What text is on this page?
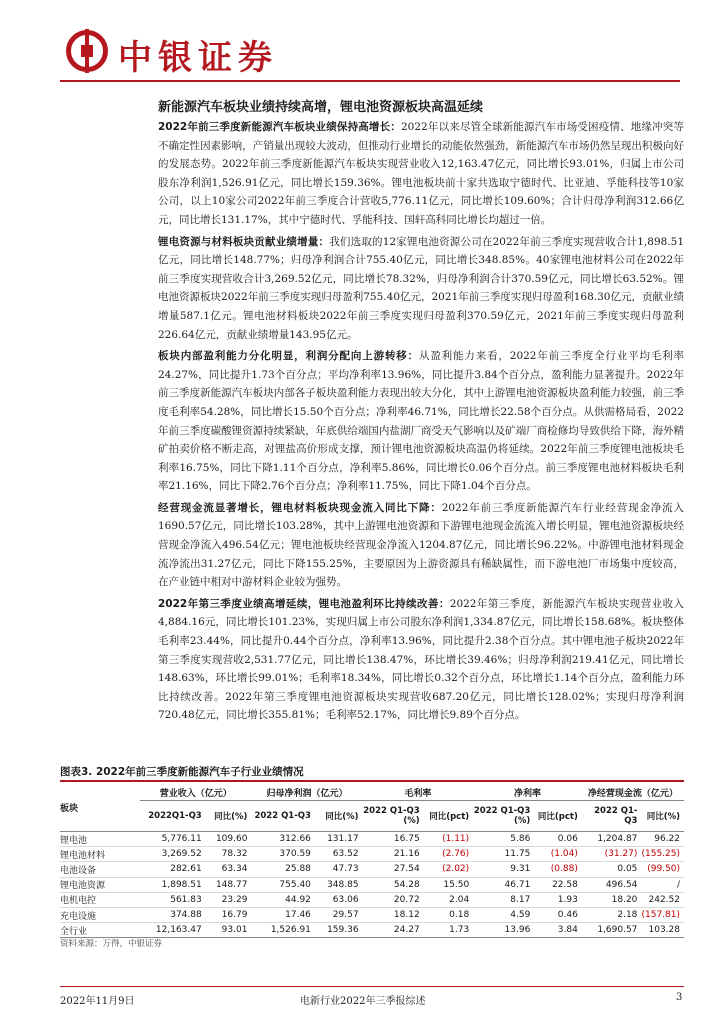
中银证券
新能源汽车板块业绩持续高增，锂电池资源板块高温延续

2022年前三季度新能源汽车板块业绩保持高增长：2022年以来尽管全球新能源汽车市场受困疫情、地缘冲突等不确定性因素影响，产销量出现较大波动，但推动行业增长的动能依然强劲，新能源汽车市场仍然呈现出积极向好的发展态势。2022年前三季度新能源汽车板块实现营业收入12,163.47亿元，同比增长93.01%，归属上市公司股东净利润1,526.91亿元，同比增长159.36%。锂电池板块前十家共选取宁德时代、比亚迪、孚能科技等10家公司，以上10家公司2022年前三季度合计营收5,776.11亿元，同比增长109.60%；合计归母净利润312.66亿元，同比增长131.17%，其中宁德时代、孚能科技、国轩高科同比增长均超过一倍。

锂电资源与材料板块贡献业绩增量：我们选取的12家锂电池资源公司在2022年前三季度实现营收合计1,898.51亿元，同比增长148.77%；归母净利润合计755.40亿元，同比增长348.85%。40家锂电池材料公司在2022年前三季度实现营收合计3,269.52亿元，同比增长78.32%，归母净利润合计370.59亿元，同比增长63.52%。锂电池资源板块2022年前三季度实现归母盈利755.40亿元，2021年前三季度实现归母盈利168.30亿元，贡献业绩增量587.1亿元。锂电池材料板块2022年前三季度实现归母盈利370.59亿元，2021年前三季度实现归母盈利226.64亿元，贡献业绩增量143.95亿元。

板块内部盈利能力分化明显，利润分配向上游转移：从盈利能力来看，2022年前三季度全行业平均毛利率24.27%，同比提升1.73个百分点；平均净利率13.96%，同比提升3.84个百分点，盈利能力显著提升。2022年前三季度新能源汽车板块内部各子板块盈利能力表现出较大分化，其中上游锂电池资源板块盈利能力较强，前三季度毛利率54.28%，同比增长15.50个百分点；净利率46.71%，同比增长22.58个百分点。从供需格局看，2022年前三季度碳酸锂资源持续紧缺，年底供给端国内盐湖厂商受天气影响以及矿端厂商检修均导致供给下降，海外精矿拍卖价格不断走高，对锂盐高价形成支撑，预计锂电池资源板块高温仍将延续。2022年前三季度锂电池板块毛利率16.75%，同比下降1.11个百分点，净利率5.86%，同比增长0.06个百分点。前三季度锂电池材料板块毛利率21.16%，同比下降2.76个百分点；净利率11.75%，同比下降1.04个百分点。

经营现金流显著增长，锂电材料板块现金流入同比下降：2022年前三季度新能源汽车行业经营现金净流入1690.57亿元，同比增长103.28%，其中上游锂电池资源和下游锂电池现金流流入增长明显，锂电池资源板块经营现金净流入496.54亿元；锂电池板块经营现金净流入1204.87亿元，同比增长96.22%。中游锂电池材料现金流净流出31.27亿元，同比下降155.25%，主要原因为上游资源具有稀缺属性，而下游电池厂市场集中度较高，在产业链中相对中游材料企业较为强势。

2022年第三季度业绩高增延续，锂电池盈利环比持续改善：2022年第三季度，新能源汽车板块实现营业收入4,884.16元，同比增长101.23%，实现归属上市公司股东净利润1,334.87亿元，同比增长158.68%。板块整体毛利率23.44%，同比提升0.44个百分点，净利率13.96%，同比提升2.38个百分点。其中锂电池子板块2022年第三季度实现营收2,531.77亿元，同比增长138.47%，环比增长39.46%；归母净利润219.41亿元，同比增长148.63%，环比增长99.01%；毛利率18.34%，同比增长0.32个百分点，环比增长1.14个百分点，盈利能力环比持续改善。2022年第三季度锂电池资源板块实现营收687.20亿元，同比增长128.02%；实现归母净利润720.48亿元，同比增长355.81%；毛利率52.17%，同比增长9.89个百分点。

图表3. 2022年前三季度新能源汽车子行业业绩情况
板块	营业收入（亿元）		归母净利润（亿元）		毛利率		净利率		净经营现金流（亿元）	
	2022Q1-Q3	同比(%)	2022 Q1-Q3	同比(%)	2022 Q1-Q3 (%)	同比(pct)	2022 Q1-Q3 (%)	同比(pct)	2022 Q1-Q3	同比(%)
锂电池	5,776.11	109.60	312.66	131.17	16.75	(1.11)	5.86	0.06	1,204.87	96.22
锂电池材料	3,269.52	78.32	370.59	63.52	21.16	(2.76)	11.75	(1.04)	(31.27)	(155.25)
电池设备	282.61	63.34	25.88	47.73	27.54	(2.02)	9.31	(0.88)	0.05	(99.50)
锂电池资源	1,898.51	148.77	755.40	348.85	54.28	15.50	46.71	22.58	496.54	/
电机电控	561.83	23.29	44.92	63.06	20.72	2.04	8.17	1.93	18.20	242.52
充电设施	374.88	16.79	17.46	29.57	18.12	0.18	4.59	0.46	2.18	(157.81)
全行业	12,163.47	93.01	1,526.91	159.36	24.27	1.73	13.96	3.84	1,690.57	103.28
资料来源：万得，中银证券
2022年11月9日	电新行业2022年三季报综述	3
